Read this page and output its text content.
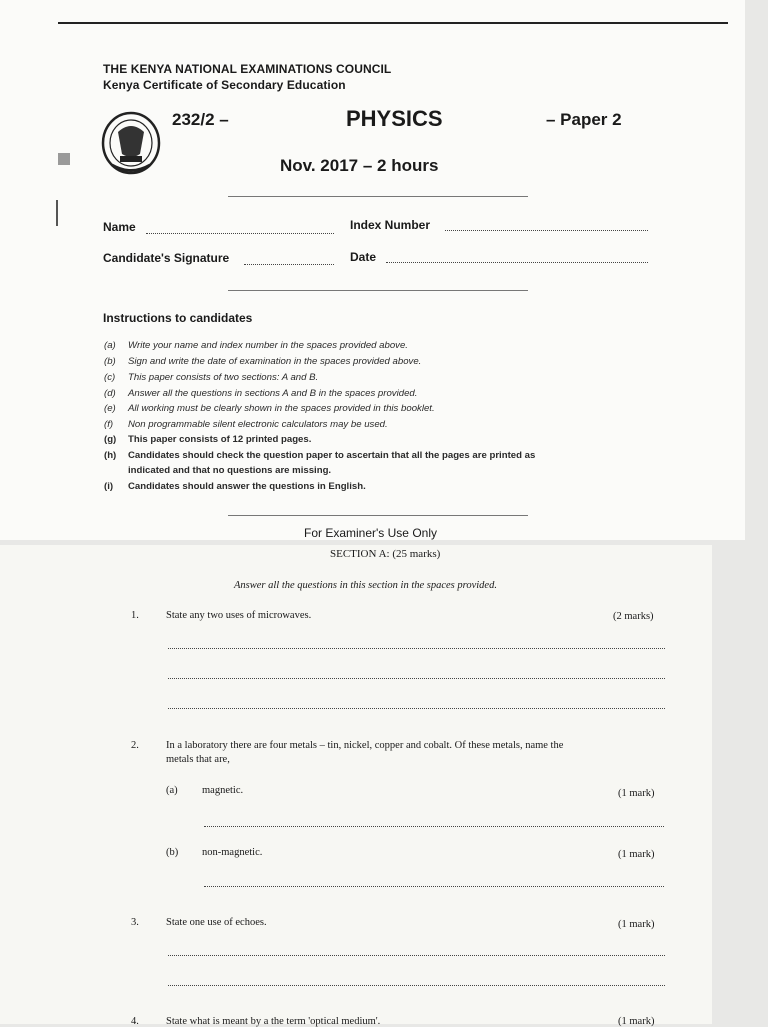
THE KENYA NATIONAL EXAMINATIONS COUNCIL
Kenya Certificate of Secondary Education
232/2 –	PHYSICS	– Paper 2
Nov. 2017 – 2 hours
Name	Index Number
Candidate's Signature	Date
Instructions to candidates
(a) Write your name and index number in the spaces provided above.
(b) Sign and write the date of examination in the spaces provided above.
(c) This paper consists of two sections: A and B.
(d) Answer all the questions in sections A and B in the spaces provided.
(e) All working must be clearly shown in the spaces provided in this booklet.
(f) Non programmable silent electronic calculators may be used.
(g) This paper consists of 12 printed pages.
(h) Candidates should check the question paper to ascertain that all the pages are printed as
indicated and that no questions are missing.
(i) Candidates should answer the questions in English.
For Examiner's Use Only
SECTION A: (25 marks)
Answer all the questions in this section in the spaces provided.
1.	State any two uses of microwaves.	(2 marks)
2.	In a laboratory there are four metals – tin, nickel, copper and cobalt. Of these metals, name the
metals that are,
(a) magnetic.	(1 mark)
(b) non-magnetic.	(1 mark)
3.	State one use of echoes.	(1 mark)
4.	State what is meant by a the term 'optical medium'.	(1 mark)
